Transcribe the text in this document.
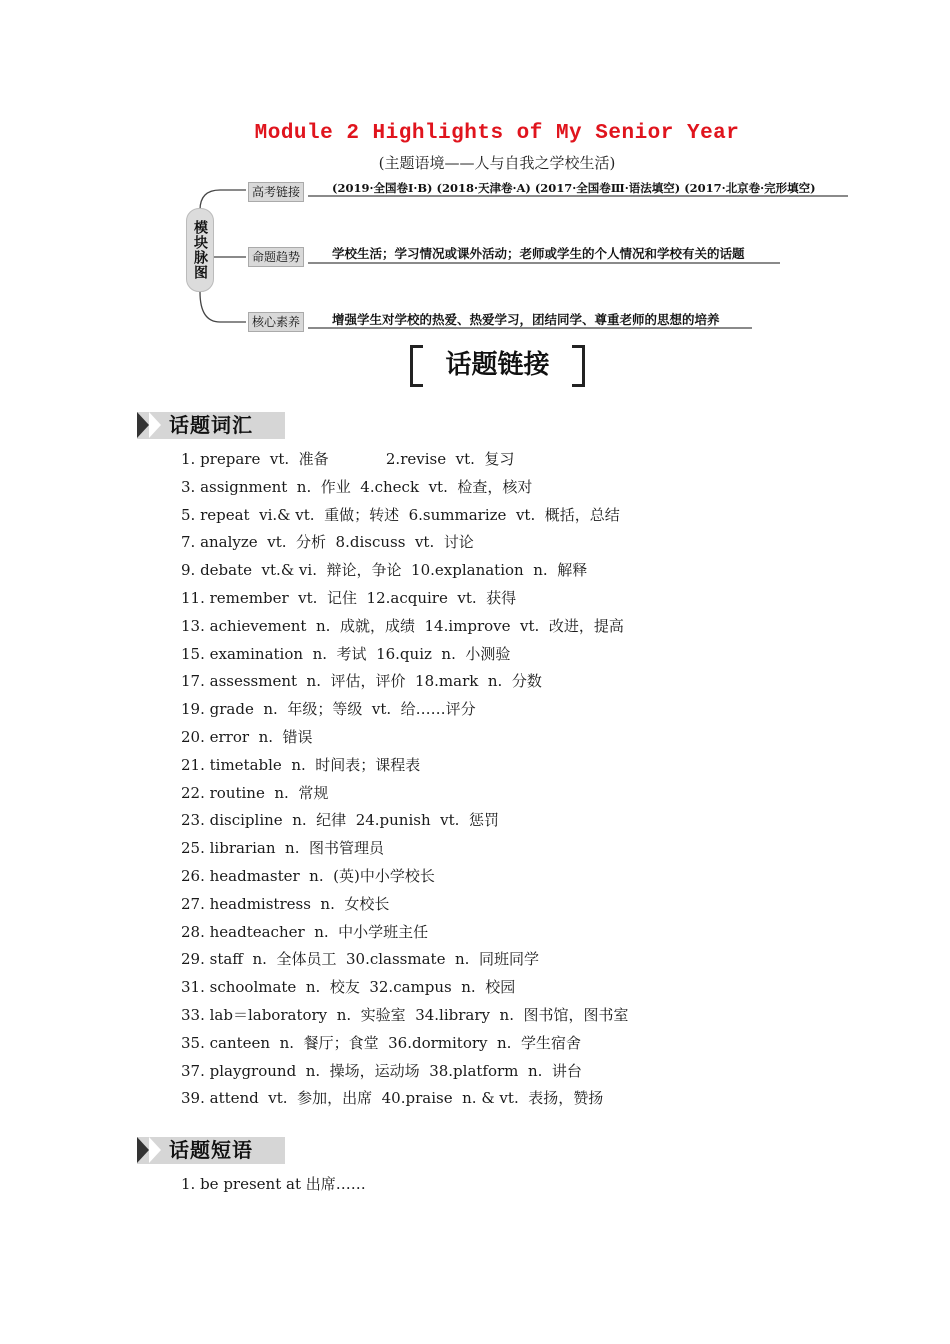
Module 2 Highlights of My Senior Year
(主题语境——人与自我之学校生活)
模块脉图
高考链接	(2019·全国卷Ⅰ·B) (2018·天津卷·A) (2017·全国卷Ⅲ·语法填空) (2017·北京卷·完形填空)
命题趋势	学校生活；学习情况或课外活动；老师或学生的个人情况和学校有关的话题
核心素养	增强学生对学校的热爱、热爱学习，团结同学、尊重老师的思想的培养
话题链接
话题词汇
1. prepare  vt.  准备            2.revise  vt.  复习
3. assignment  n.  作业  4.check  vt.  检查，核对
5. repeat  vi.& vt.  重做；转述  6.summarize  vt.  概括，总结
7. analyze  vt.  分析  8.discuss  vt.  讨论
9. debate  vt.& vi.  辩论，争论  10.explanation  n.  解释
11. remember  vt.  记住  12.acquire  vt.  获得
13. achievement  n.  成就，成绩  14.improve  vt.  改进，提高
15. examination  n.  考试  16.quiz  n.  小测验
17. assessment  n.  评估，评价  18.mark  n.  分数
19. grade  n.  年级；等级  vt.  给……评分
20. error  n.  错误
21. timetable  n.  时间表；课程表
22. routine  n.  常规
23. discipline  n.  纪律  24.punish  vt.  惩罚
25. librarian  n.  图书管理员
26. headmaster  n.  (英)中小学校长
27. headmistress  n.  女校长
28. headteacher  n.  中小学班主任
29. staff  n.  全体员工  30.classmate  n.  同班同学
31. schoolmate  n.  校友  32.campus  n.  校园
33. lab＝laboratory  n.  实验室  34.library  n.  图书馆，图书室
35. canteen  n.  餐厅；食堂  36.dormitory  n.  学生宿舍
37. playground  n.  操场，运动场  38.platform  n.  讲台
39. attend  vt.  参加，出席  40.praise  n. & vt.  表扬，赞扬
话题短语
1. be present at 出席……
